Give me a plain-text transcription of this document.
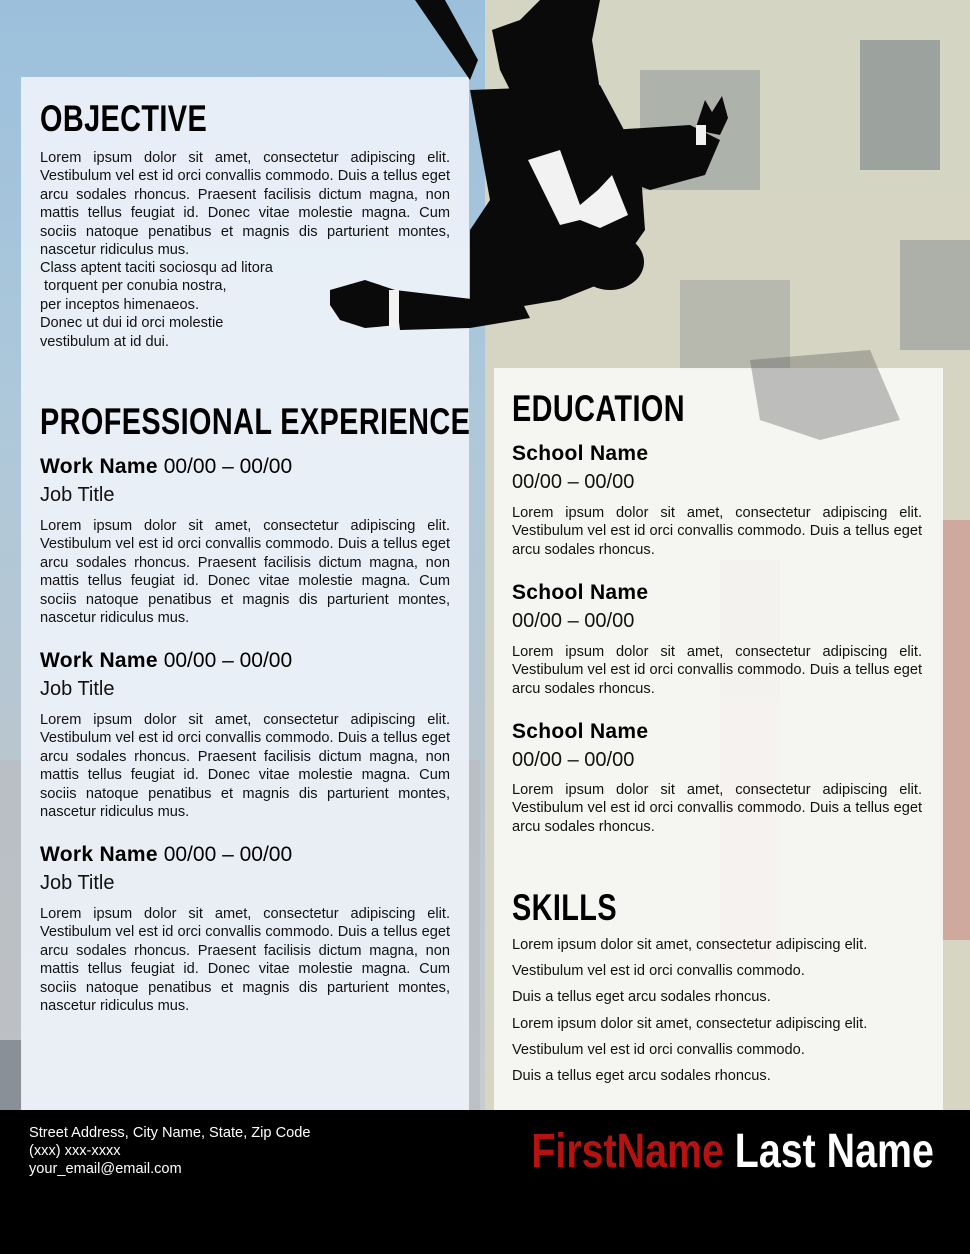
OBJECTIVE
Lorem ipsum dolor sit amet, consectetur adipiscing elit. Vestibulum vel est id orci convallis commodo. Duis a tellus eget arcu sodales rhoncus. Praesent facilisis dictum magna, non mattis tellus feugiat id. Donec vitae molestie magna. Cum sociis natoque penatibus et magnis dis parturient montes, nascetur ridiculus mus.
Class aptent taciti sociosqu ad litora
torquent per conubia nostra,
per inceptos himenaeos.
Donec ut dui id orci molestie
vestibulum at id dui.
PROFESSIONAL EXPERIENCE
Work Name 00/00 – 00/00
Job Title
Lorem ipsum dolor sit amet, consectetur adipiscing elit. Vestibulum vel est id orci convallis commodo. Duis a tellus eget arcu sodales rhoncus. Praesent facilisis dictum magna, non mattis tellus feugiat id. Donec vitae molestie magna. Cum sociis natoque penatibus et magnis dis parturient montes, nascetur ridiculus mus.
Work Name 00/00 – 00/00
Job Title
Lorem ipsum dolor sit amet, consectetur adipiscing elit. Vestibulum vel est id orci convallis commodo. Duis a tellus eget arcu sodales rhoncus. Praesent facilisis dictum magna, non mattis tellus feugiat id. Donec vitae molestie magna. Cum sociis natoque penatibus et magnis dis parturient montes, nascetur ridiculus mus.
Work Name 00/00 – 00/00
Job Title
Lorem ipsum dolor sit amet, consectetur adipiscing elit. Vestibulum vel est id orci convallis commodo. Duis a tellus eget arcu sodales rhoncus. Praesent facilisis dictum magna, non mattis tellus feugiat id. Donec vitae molestie magna. Cum sociis natoque penatibus et magnis dis parturient montes, nascetur ridiculus mus.
EDUCATION
School Name
00/00 – 00/00
Lorem ipsum dolor sit amet, consectetur adipiscing elit. Vestibulum vel est id orci convallis commodo. Duis a tellus eget arcu sodales rhoncus.
School Name
00/00 – 00/00
Lorem ipsum dolor sit amet, consectetur adipiscing elit. Vestibulum vel est id orci convallis commodo. Duis a tellus eget arcu sodales rhoncus.
School Name
00/00 – 00/00
Lorem ipsum dolor sit amet, consectetur adipiscing elit. Vestibulum vel est id orci convallis commodo. Duis a tellus eget arcu sodales rhoncus.
SKILLS
Lorem ipsum dolor sit amet, consectetur adipiscing elit.
Vestibulum vel est id orci convallis commodo.
Duis a tellus eget arcu sodales rhoncus.
Lorem ipsum dolor sit amet, consectetur adipiscing elit.
Vestibulum vel est id orci convallis commodo.
Duis a tellus eget arcu sodales rhoncus.
Street Address, City Name, State, Zip Code
(xxx) xxx-xxxx
your_email@email.com	FirstName Last Name
